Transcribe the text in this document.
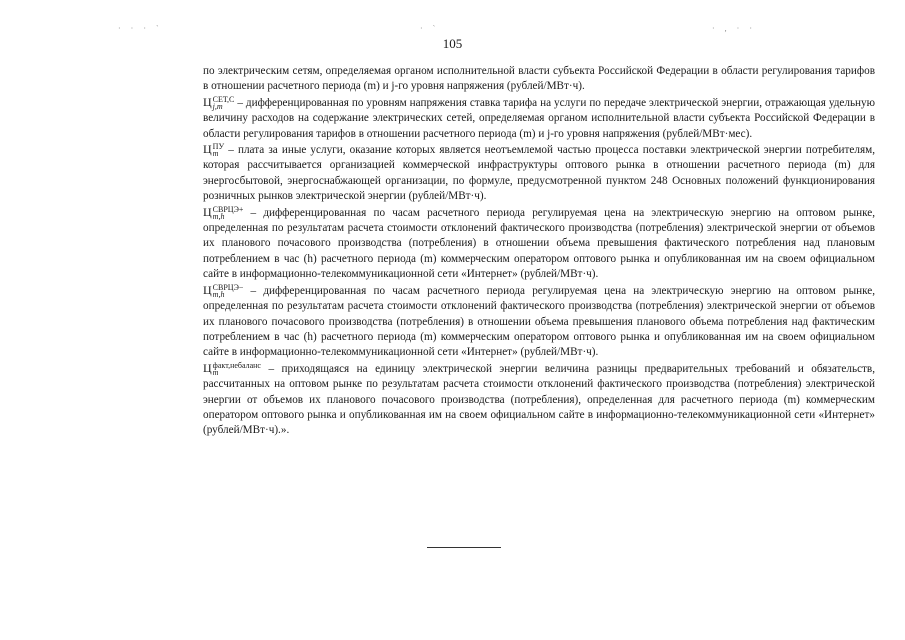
· · · `	· `	· , · ·
105

по электрическим сетям, определяемая органом исполнительной власти субъекта Российской Федерации в области регулирования тарифов в отношении расчетного периода (m) и j-го уровня напряжения (рублей/МВт·ч).

Ц СЕТ,С
j,m	– дифференцированная по уровням напряжения ставка тарифа на услуги по передаче электрической энергии, отражающая удельную величину расходов на содержание электрических сетей, определяемая органом исполнительной власти субъекта Российской Федерации в области регулирования тарифов в отношении расчетного периода (m) и j-го уровня напряжения (рублей/МВт·мес).

Ц ПУ
m – плата за иные услуги, оказание которых является неотъемлемой частью процесса поставки электрической энергии потребителям, которая рассчитывается организацией коммерческой инфраструктуры оптового рынка в отношении расчетного периода (m) для энергосбытовой, энергоснабжающей организации, по формуле, предусмотренной пунктом 248 Основных положений функционирования розничных рынков электрической энергии (рублей/МВт·ч).

Ц СВРЦЭ+
m,h	– дифференцированная по часам расчетного периода регулируемая цена на электрическую энергию на оптовом рынке, определенная по результатам расчета стоимости отклонений фактического производства (потребления) электрической энергии от объемов их планового почасового производства (потребления) в отношении объема превышения фактического потребления над плановым потреблением в час (h) расчетного периода (m) коммерческим оператором оптового рынка и опубликованная им на своем официальном сайте в информационно-телекоммуникационной сети «Интернет» (рублей/МВт·ч).

Ц СВРЦЭ−
m,h	– дифференцированная по часам расчетного периода регулируемая цена на электрическую энергию на оптовом рынке, определенная по результатам расчета стоимости отклонений фактического производства (потребления) электрической энергии от объемов их планового почасового производства (потребления) в отношении объема превышения планового объема потребления над фактическим потреблением в час (h) расчетного периода (m) коммерческим оператором оптового рынка и опубликованная им на своем официальном сайте в информационно-телекоммуникационной сети «Интернет» (рублей/МВт·ч).

Ц факт,небаланс
m	– приходящаяся на единицу электрической энергии величина разницы предварительных требований и обязательств, рассчитанных на оптовом рынке по результатам расчета стоимости отклонений фактического производства (потребления) электрической энергии от объемов их планового почасового производства (потребления), определенная для расчетного периода (m) коммерческим оператором оптового рынка и опубликованная им на своем официальном сайте в информационно-телекоммуникационной сети «Интернет» (рублей/МВт·ч).».
